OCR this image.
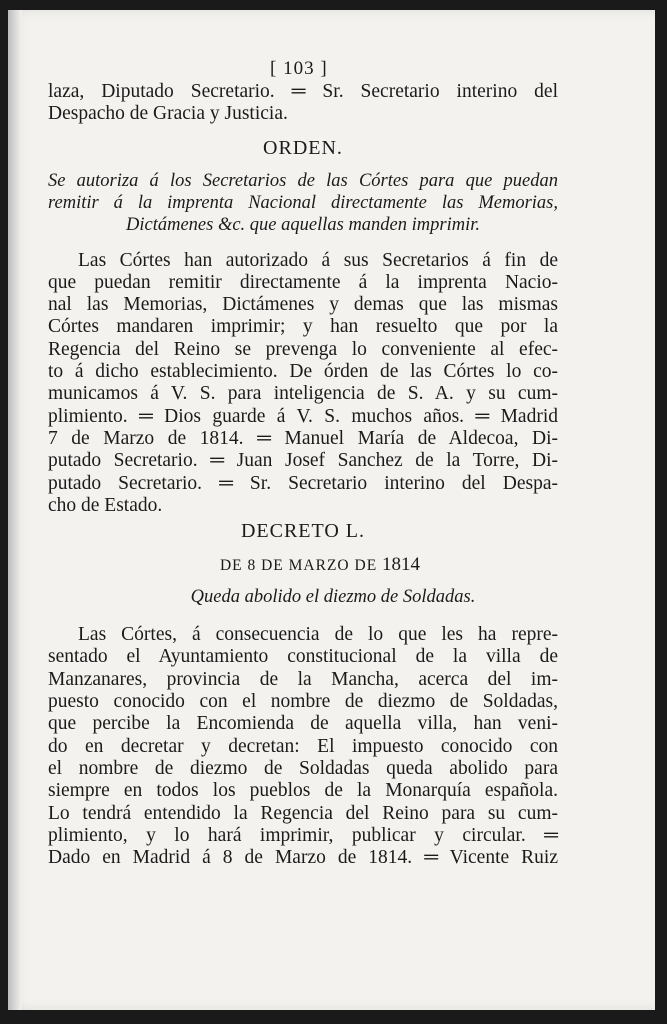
[ 103 ]
laza, Diputado Secretario. ═ Sr. Secretario interino del
Despacho de Gracia y Justicia.
ORDEN.
Se autoriza á los Secretarios de las Córtes para que puedan
remitir á la imprenta Nacional directamente las Memorias,
Dictámenes &c. que aquellas manden imprimir.
Las Córtes han autorizado á sus Secretarios á fin de
que puedan remitir directamente á la imprenta Nacio-
nal las Memorias, Dictámenes y demas que las mismas
Córtes mandaren imprimir; y han resuelto que por la
Regencia del Reino se prevenga lo conveniente al efec-
to á dicho establecimiento. De órden de las Córtes lo co-
municamos á V. S. para inteligencia de S. A. y su cum-
plimiento. ═ Dios guarde á V. S. muchos años. ═ Madrid
7 de Marzo de 1814. ═ Manuel María de Aldecoa, Di-
putado Secretario. ═ Juan Josef Sanchez de la Torre, Di-
putado Secretario. ═ Sr. Secretario interino del Despa-
cho de Estado.
DECRETO L.
DE 8 DE MARZO DE 1814
Queda abolido el diezmo de Soldadas.
Las Córtes, á consecuencia de lo que les ha repre-
sentado el Ayuntamiento constitucional de la villa de
Manzanares, provincia de la Mancha, acerca del im-
puesto conocido con el nombre de diezmo de Soldadas,
que percibe la Encomienda de aquella villa, han veni-
do en decretar y decretan: El impuesto conocido con
el nombre de diezmo de Soldadas queda abolido para
siempre en todos los pueblos de la Monarquía española.
Lo tendrá entendido la Regencia del Reino para su cum-
plimiento, y lo hará imprimir, publicar y circular. ═
Dado en Madrid á 8 de Marzo de 1814. ═ Vicente Ruiz
